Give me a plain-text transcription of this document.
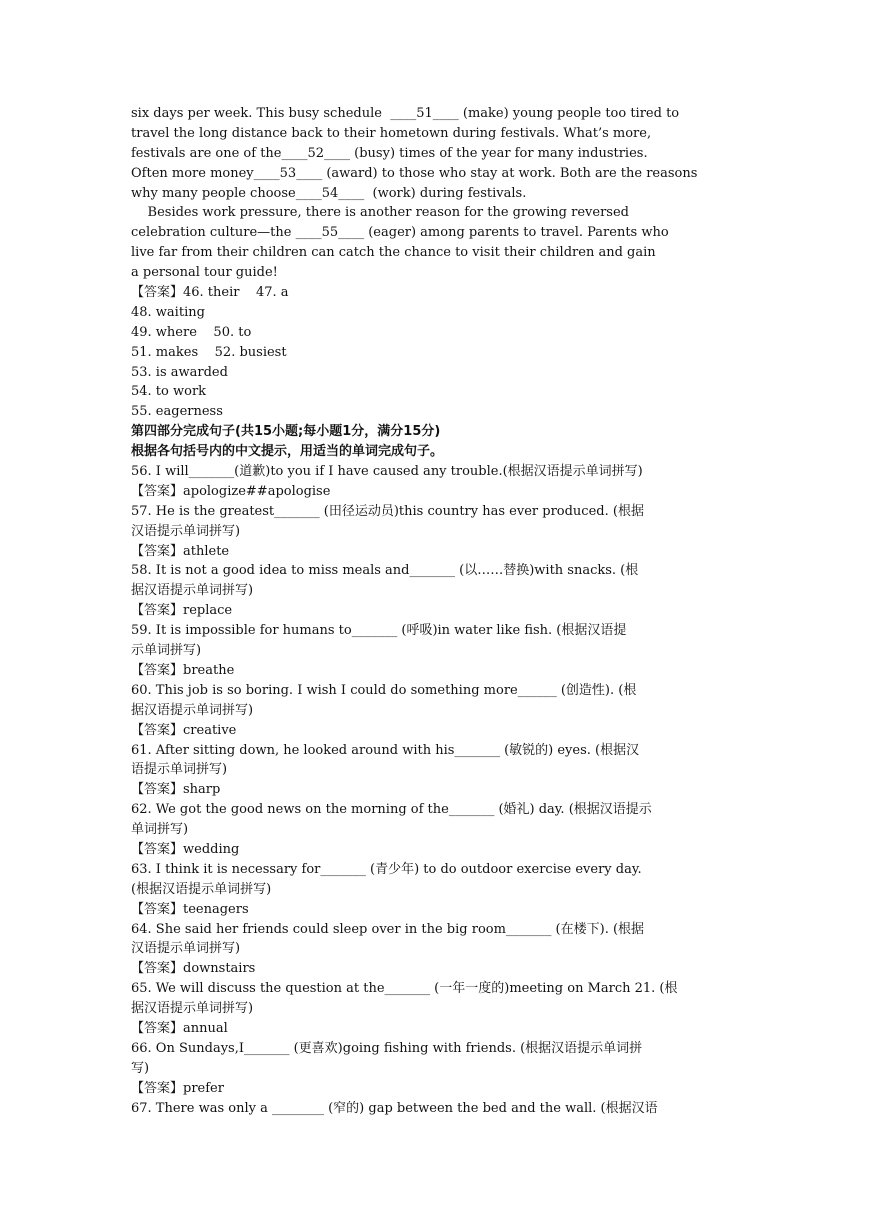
six days per week. This busy schedule  ____51____ (make) young people too tired to
travel the long distance back to their hometown during festivals. What’s more,
festivals are one of the____52____ (busy) times of the year for many industries.
Often more money____53____ (award) to those who stay at work. Both are the reasons
why many people choose____54____  (work) during festivals.
Besides work pressure, there is another reason for the growing reversed
celebration culture—the ____55____ (eager) among parents to travel. Parents who
live far from their children can catch the chance to visit their children and gain
a personal tour guide!
【答案】46. their    47. a
48. waiting
49. where    50. to
51. makes    52. busiest
53. is awarded
54. to work
55. eagerness
第四部分完成句子(共15小题;每小题1分，满分15分)
根据各句括号内的中文提示，用适当的单词完成句子。
56. I will_______(道歉)to you if I have caused any trouble.(根据汉语提示单词拼写)
【答案】apologize##apologise
57. He is the greatest_______ (田径运动员)this country has ever produced. (根据
汉语提示单词拼写)
【答案】athlete
58. It is not a good idea to miss meals and_______ (以……替换)with snacks. (根
据汉语提示单词拼写)
【答案】replace
59. It is impossible for humans to_______ (呼吸)in water like fish. (根据汉语提
示单词拼写)
【答案】breathe
60. This job is so boring. I wish I could do something more______ (创造性). (根
据汉语提示单词拼写)
【答案】creative
61. After sitting down, he looked around with his_______ (敏锐的) eyes. (根据汉
语提示单词拼写)
【答案】sharp
62. We got the good news on the morning of the_______ (婚礼) day. (根据汉语提示
单词拼写)
【答案】wedding
63. I think it is necessary for_______ (青少年) to do outdoor exercise every day.
(根据汉语提示单词拼写)
【答案】teenagers
64. She said her friends could sleep over in the big room_______ (在楼下). (根据
汉语提示单词拼写)
【答案】downstairs
65. We will discuss the question at the_______ (一年一度的)meeting on March 21. (根
据汉语提示单词拼写)
【答案】annual
66. On Sundays,I_______ (更喜欢)going fishing with friends. (根据汉语提示单词拼
写)
【答案】prefer
67. There was only a ________ (窄的) gap between the bed and the wall. (根据汉语
